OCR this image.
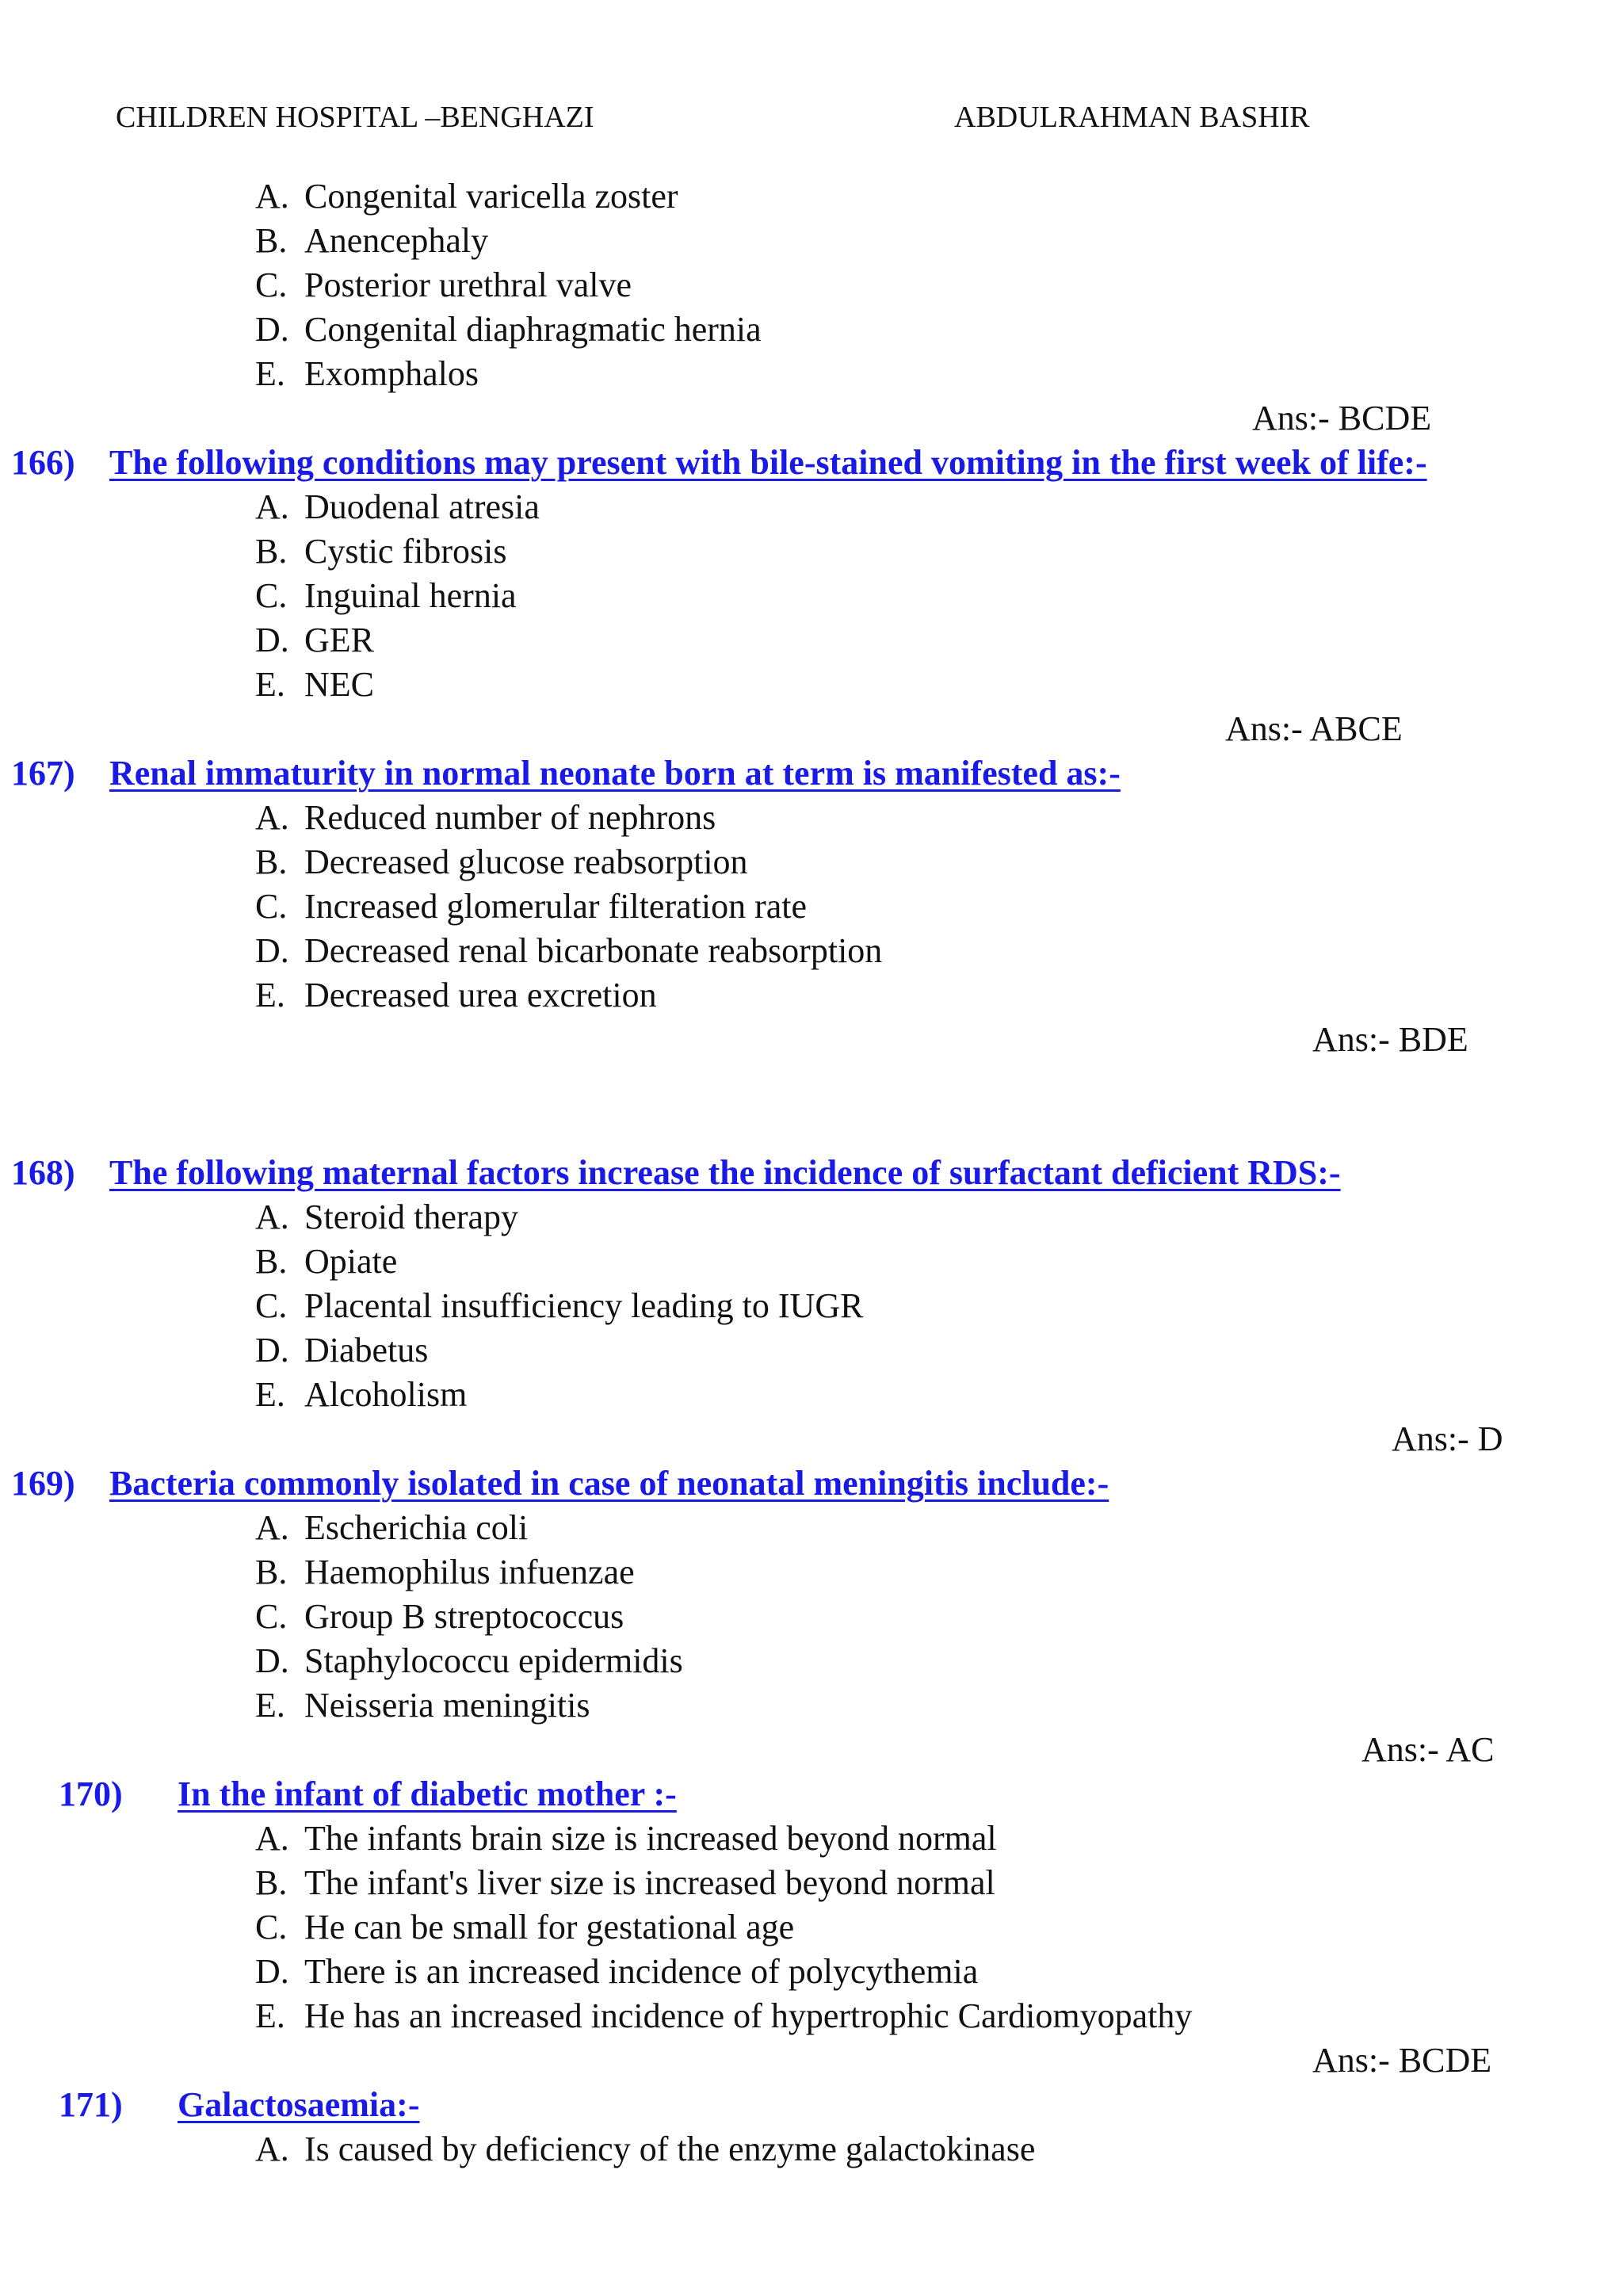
CHILDREN HOSPITAL –BENGHAZI	ABDULRAHMAN BASHIR
A. Congenital varicella zoster
B. Anencephaly
C. Posterior urethral valve
D. Congenital diaphragmatic hernia
E. Exomphalos
Ans:- BCDE
166) The following conditions may present with bile-stained vomiting in the first week of life:-
A. Duodenal atresia
B. Cystic fibrosis
C. Inguinal hernia
D. GER
E. NEC
Ans:- ABCE
167) Renal immaturity in normal neonate born at term is manifested as:-
A. Reduced number of nephrons
B. Decreased glucose reabsorption
C. Increased glomerular filteration rate
D. Decreased renal bicarbonate reabsorption
E. Decreased urea excretion
Ans:- BDE
168) The following maternal factors increase the incidence of surfactant deficient RDS:-
A. Steroid therapy
B. Opiate
C. Placental insufficiency leading to IUGR
D. Diabetus
E. Alcoholism
Ans:- D
169) Bacteria commonly isolated in case of neonatal meningitis include:-
A. Escherichia coli
B. Haemophilus infuenzae
C. Group B streptococcus
D. Staphylococcu epidermidis
E. Neisseria meningitis
Ans:- AC
170) In the infant of diabetic mother :-
A. The infants brain size is increased beyond normal
B. The infant's liver size is increased beyond normal
C. He can be small for gestational age
D. There is an increased incidence of polycythemia
E. He has an increased incidence of hypertrophic Cardiomyopathy
Ans:- BCDE
171) Galactosaemia:-
A. Is caused by deficiency of the enzyme galactokinase
